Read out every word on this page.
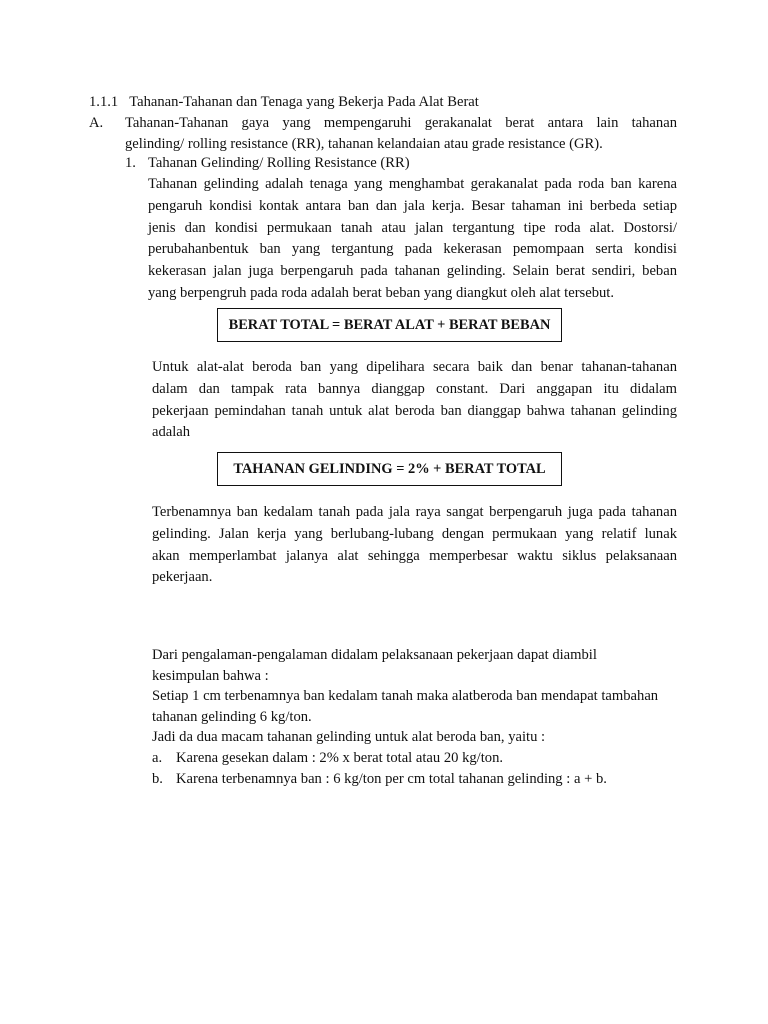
1.1.1 Tahanan-Tahanan dan Tenaga yang Bekerja Pada Alat Berat
A. Tahanan-Tahanan gaya yang mempengaruhi gerakanalat berat antara lain tahanan
gelinding/ rolling resistance (RR), tahanan kelandaian atau grade resistance (GR).
1. Tahanan Gelinding/ Rolling Resistance (RR)
Tahanan gelinding adalah tenaga yang menghambat gerakanalat pada roda ban karena
pengaruh kondisi kontak antara ban dan jala kerja. Besar tahaman ini berbeda setiap
jenis dan kondisi permukaan tanah atau jalan tergantung tipe roda alat. Dostorsi/
perubahanbentuk ban yang tergantung pada kekerasan pemompaan serta kondisi
kekerasan jalan juga berpengaruh pada tahanan gelinding. Selain berat sendiri, beban
yang berpengruh pada roda adalah berat beban yang diangkut oleh alat tersebut.
BERAT TOTAL = BERAT ALAT + BERAT BEBAN
Untuk alat-alat beroda ban yang dipelihara secara baik dan benar tahanan-tahanan
dalam dan tampak rata bannya dianggap constant. Dari anggapan itu didalam
pekerjaan pemindahan tanah untuk alat beroda ban dianggap bahwa tahanan gelinding
adalah
TAHANAN GELINDING = 2% + BERAT TOTAL
Terbenamnya ban kedalam tanah pada jala raya sangat berpengaruh juga pada tahanan
gelinding. Jalan kerja yang berlubang-lubang dengan permukaan yang relatif lunak
akan memperlambat jalanya alat sehingga memperbesar waktu siklus pelaksanaan
pekerjaan.
Dari pengalaman-pengalaman didalam pelaksanaan pekerjaan dapat diambil
kesimpulan bahwa :
Setiap 1 cm terbenamnya ban kedalam tanah maka alatberoda ban mendapat tambahan
tahanan gelinding 6 kg/ton.
Jadi da dua macam tahanan gelinding untuk alat beroda ban, yaitu :
a. Karena gesekan dalam : 2% x berat total atau 20 kg/ton.
b. Karena terbenamnya ban : 6 kg/ton per cm total tahanan gelinding : a + b.
